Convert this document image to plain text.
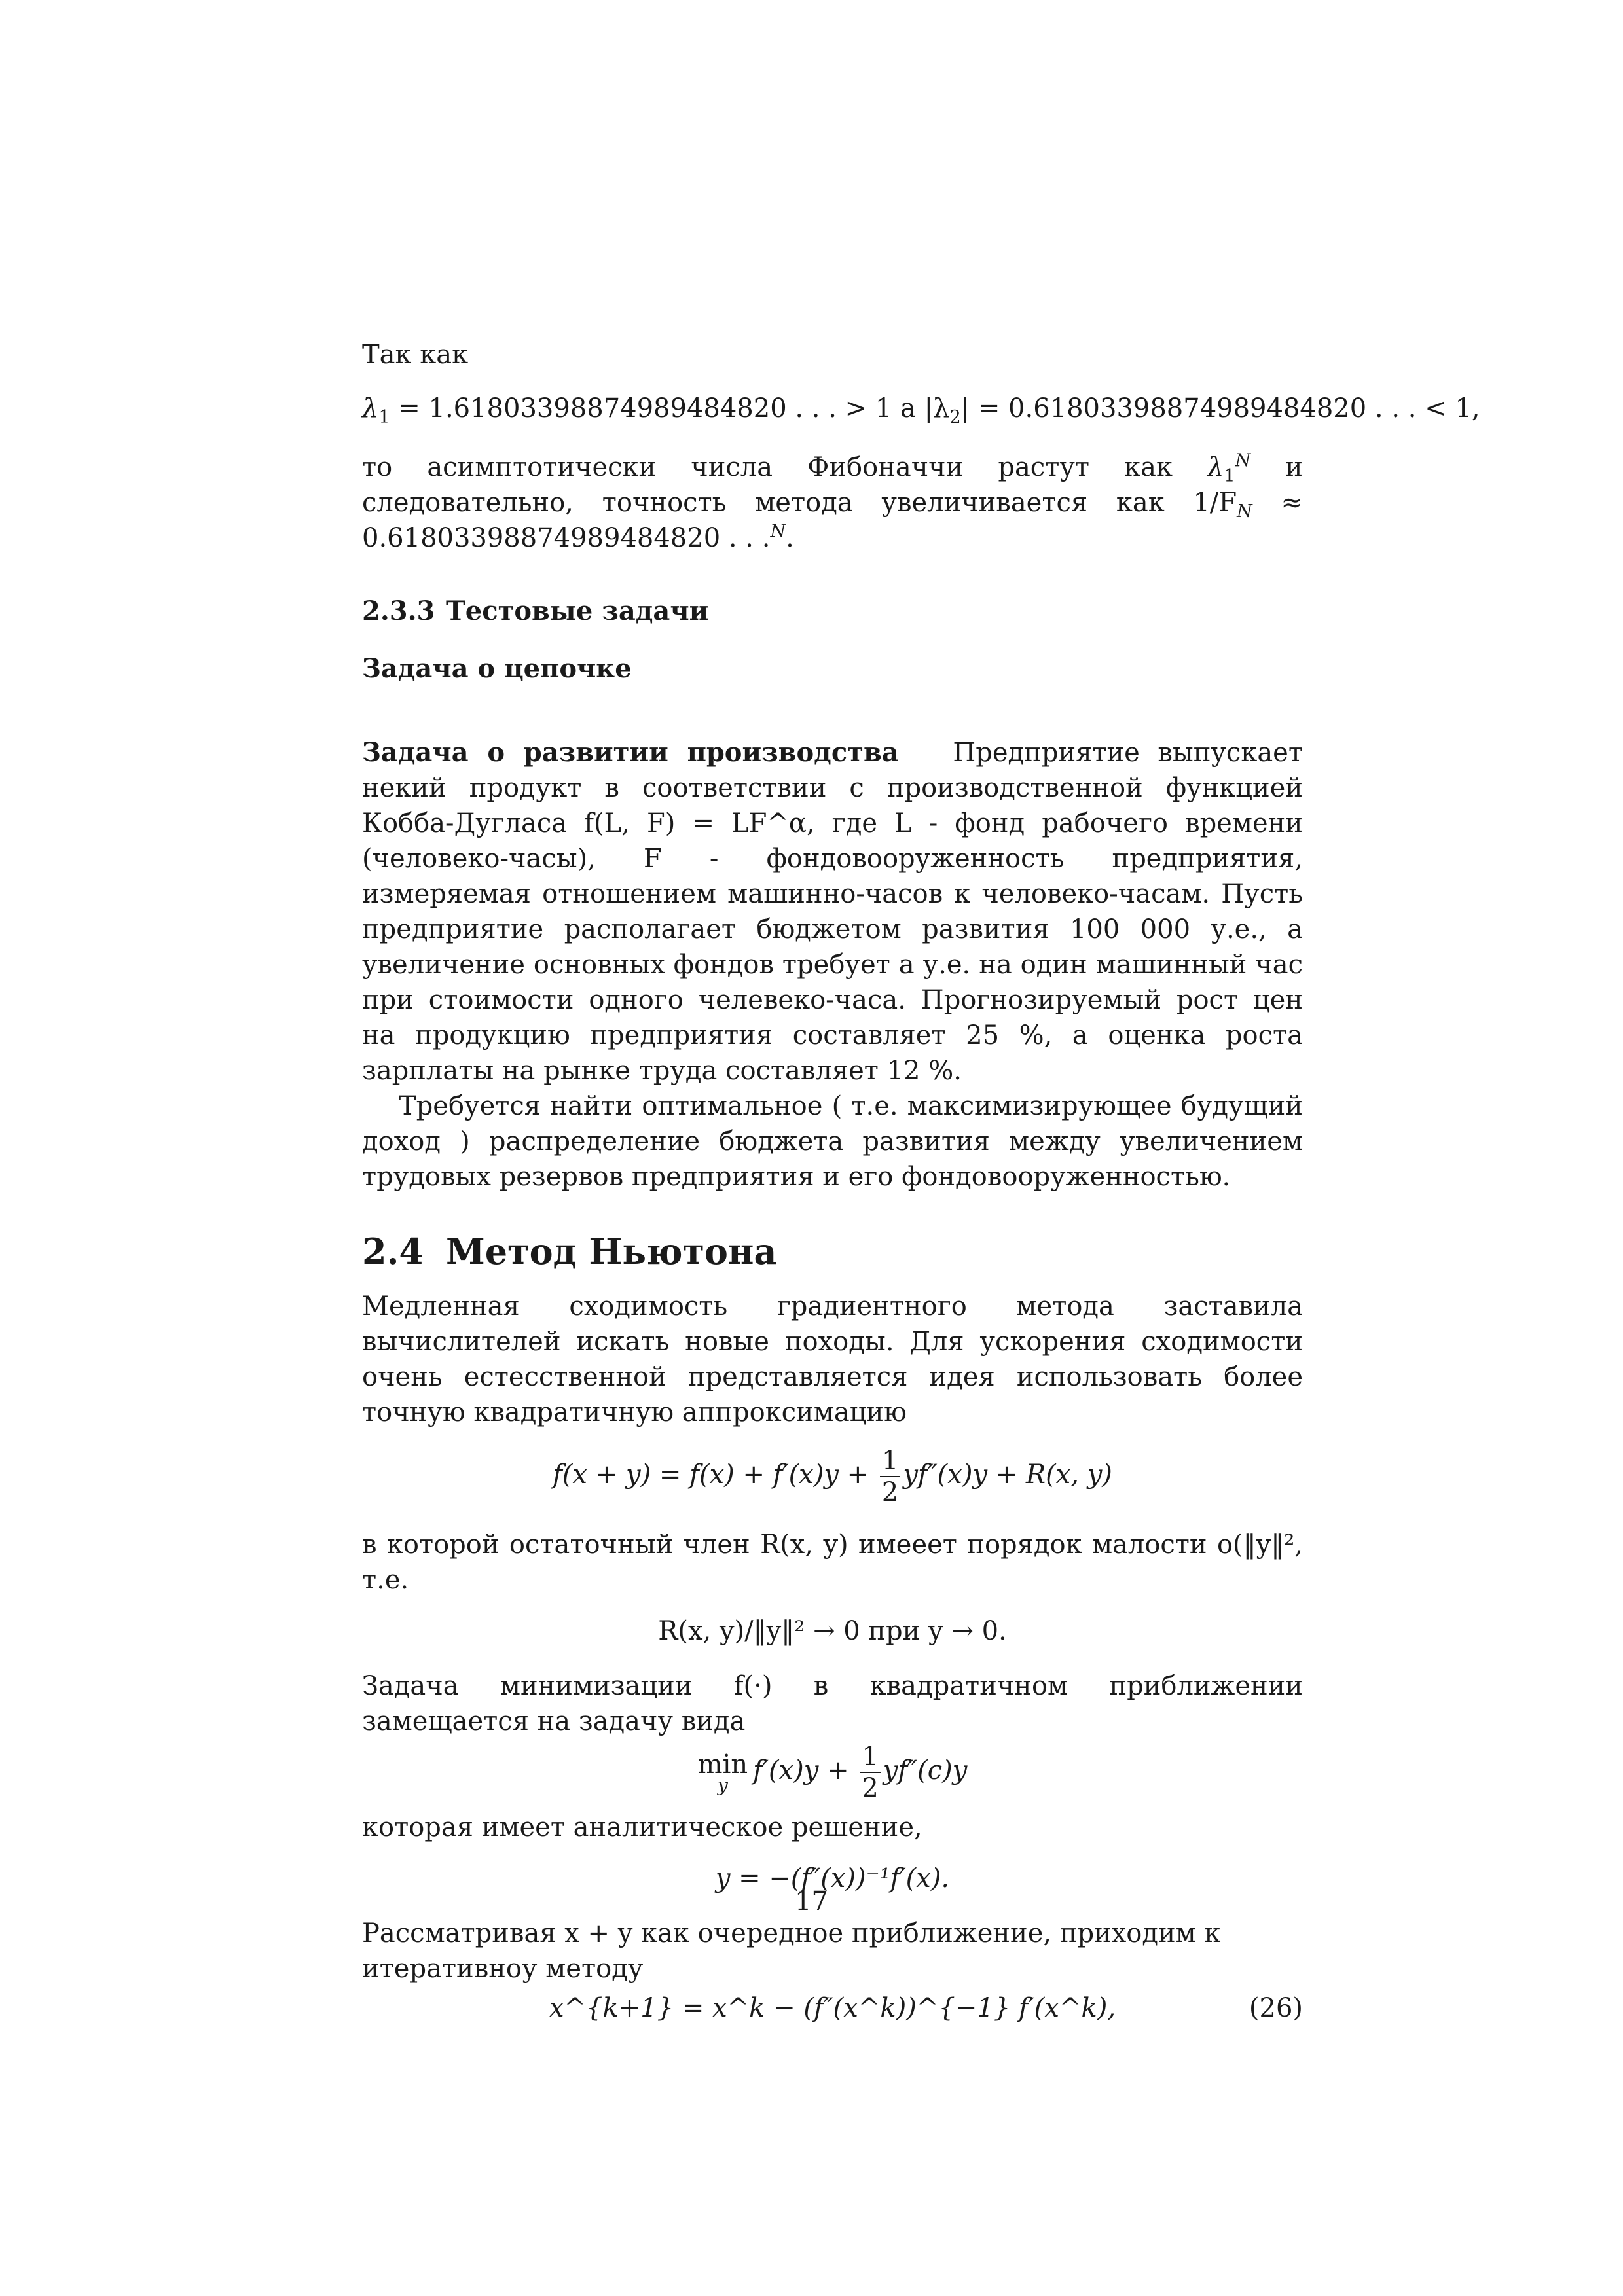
Так как

$\lambda_1 = 1.61803398874989484820$ . . . > 1 а $|\lambda_2| = 0.61803398874989484820$ . . . < 1,

то асимптотически числа Фибоначчи растут как $\lambda_1^N$ и следовательно, точность метода увеличивается как $1/F_N \approx 0.61803398874989484820$ . . .$^N$.

2.3.3 Тестовые задачи
Задача о цепочке

Задача о развитии производства Предприятие выпускает некий продукт в соответствии с производственной функцией Кобба-Дугласа f(L, F) = LF^α, где L - фонд рабочего времени (человеко-часы), F - фондовооруженность предприятия, измеряемая отношением машинно-часов к человеко-часам. Пусть предприятие располагает бюджетом развития 100 000 у.е., а увеличение основных фондов требует a у.е. на один машинный час при стоимости одного челевеко-часа. Прогнозируемый рост цен на продукцию предприятия составляет 25 %, а оценка роста зарплаты на рынке труда составляет 12 %.

Требуется найти оптимальное ( т.е. максимизирующее будущий доход ) распределение бюджета развития между увеличением трудовых резервов предприятия и его фондовооруженностью.

2.4 Метод Ньютона

Медленная сходимость градиентного метода заставила вычислителей искать новые походы. Для ускорения сходимости очень естесственной представляется идея использовать более точную квадратичную аппроксимацию

$f(x + y) = f(x) + f'(x)y + \frac{1}{2} yf''(x)y + R(x$, y)

в которой остаточный член R(x, y) имееет порядок малости o(‖y‖², т.е.

R(x, y)/‖y‖² → 0 при y → 0.

Задача минимизации f(·) в квадратичном приближении замещается на задачу вида

min
y $f'(x)y + \frac{1}{2} yf''(c)y$

которая имеет аналитическое решение,

y = −(f″(x))⁻¹f′(x).

Рассматривая x + y как очередное приближение, приходим к итеративноу методу

x^{k+1} = x^k − (f″(x^k))^{−1} f′(x^k),	(26)
17
